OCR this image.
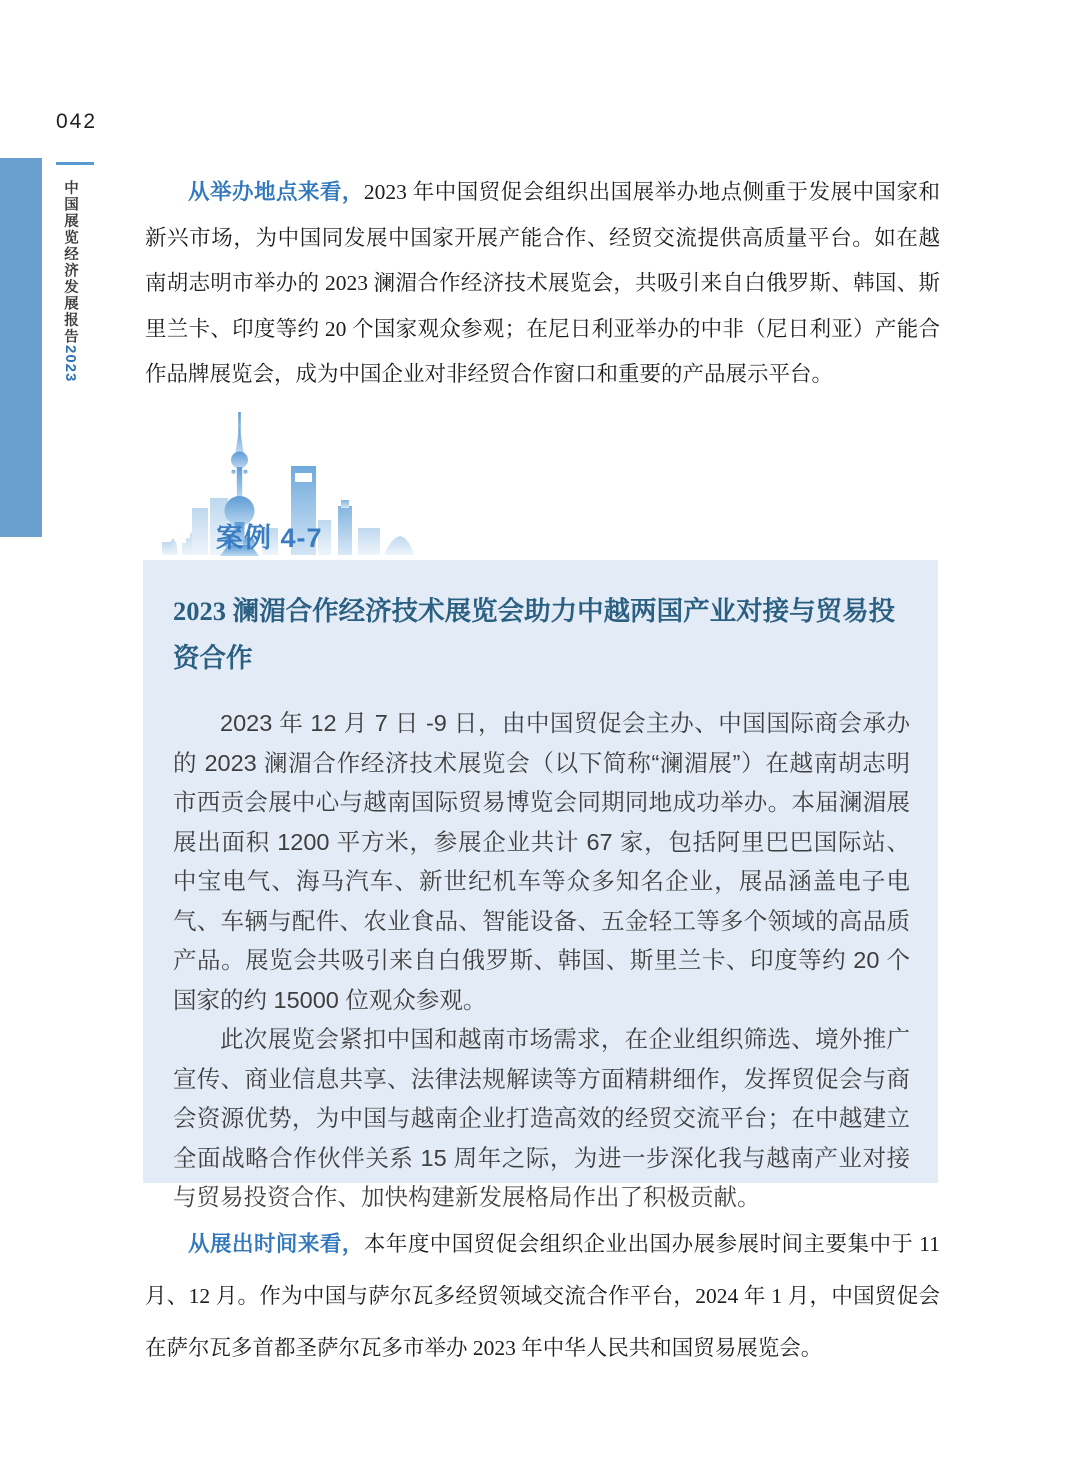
042
中国展览经济发展报告2023

从举办地点来看，2023 年中国贸促会组织出国展举办地点侧重于发展中国家和新兴市场，为中国同发展中国家开展产能合作、经贸交流提供高质量平台。如在越南胡志明市举办的 2023 澜湄合作经济技术展览会，共吸引来自白俄罗斯、韩国、斯里兰卡、印度等约 20 个国家观众参观；在尼日利亚举办的中非（尼日利亚）产能合作品牌展览会，成为中国企业对非经贸合作窗口和重要的产品展示平台。

案例 4-7
2023 澜湄合作经济技术展览会助力中越两国产业对接与贸易投资合作

2023 年 12 月 7 日 -9 日，由中国贸促会主办、中国国际商会承办的 2023 澜湄合作经济技术展览会（以下简称“澜湄展”）在越南胡志明市西贡会展中心与越南国际贸易博览会同期同地成功举办。本届澜湄展展出面积 1200 平方米，参展企业共计 67 家，包括阿里巴巴国际站、中宝电气、海马汽车、新世纪机车等众多知名企业，展品涵盖电子电气、车辆与配件、农业食品、智能设备、五金轻工等多个领域的高品质产品。展览会共吸引来自白俄罗斯、韩国、斯里兰卡、印度等约 20 个国家的约 15000 位观众参观。

此次展览会紧扣中国和越南市场需求，在企业组织筛选、境外推广宣传、商业信息共享、法律法规解读等方面精耕细作，发挥贸促会与商会资源优势，为中国与越南企业打造高效的经贸交流平台；在中越建立全面战略合作伙伴关系 15 周年之际，为进一步深化我与越南产业对接与贸易投资合作、加快构建新发展格局作出了积极贡献。

从展出时间来看，本年度中国贸促会组织企业出国办展参展时间主要集中于 11 月、12 月。作为中国与萨尔瓦多经贸领域交流合作平台，2024 年 1 月，中国贸促会在萨尔瓦多首都圣萨尔瓦多市举办 2023 年中华人民共和国贸易展览会。
